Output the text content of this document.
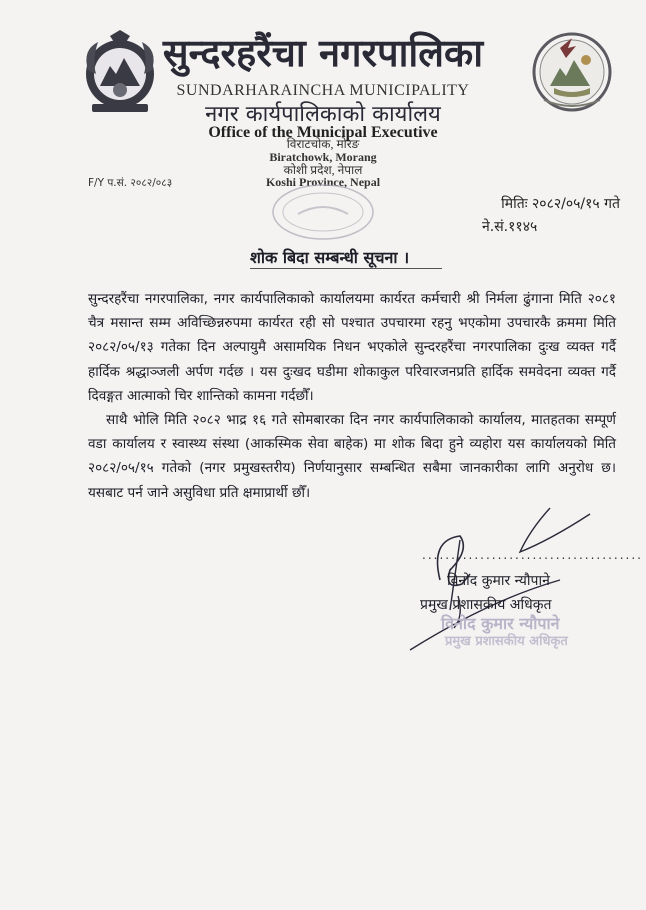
सुन्दरहरैंचा नगरपालिका
SUNDARHARAINCHA MUNICIPALITY
नगर कार्यपालिकाको कार्यालय
Office of the Municipal Executive
विराटचोक, मोरङ
Biratchowk, Morang
कोशी प्रदेश, नेपाल
Koshi Province, Nepal
F/Y प.सं. २०८२/०८३
मितिः २०८२/०५/१५ गते
ने.सं.११४५
शोक बिदा सम्बन्धी सूचना ।
सुन्दरहरैंचा नगरपालिका, नगर कार्यपालिकाको कार्यालयमा कार्यरत कर्मचारी श्री निर्मला ढुंगाना मिति २०८१ चैत्र मसान्त सम्म अविच्छिन्नरुपमा कार्यरत रही सो पश्चात उपचारमा रहनु भएकोमा उपचारकै क्रममा मिति २०८२/०५/१३ गतेका दिन अल्पायुमै असामयिक निधन भएकोले सुन्दरहरैंचा नगरपालिका दुःख व्यक्त गर्दै हार्दिक श्रद्धाञ्जली अर्पण गर्दछ । यस दुःखद घडीमा शोकाकुल परिवारजनप्रति हार्दिक समवेदना व्यक्त गर्दै दिवङ्गत आत्माको चिर शान्तिको कामना गर्दछौँ।
साथै भोलि मिति २०८२ भाद्र १६ गते सोमबारका दिन नगर कार्यपालिकाको कार्यालय, मातहतका सम्पूर्ण वडा कार्यालय र स्वास्थ्य संस्था (आकस्मिक सेवा बाहेक) मा शोक बिदा हुने व्यहोरा यस कार्यालयको मिति २०८२/०५/१५ गतेको (नगर प्रमुखस्तरीय) निर्णयानुसार सम्बन्धित सबैमा जानकारीका लागि अनुरोध छ। यसबाट पर्न जाने असुविधा प्रति क्षमाप्रार्थी छौँ।
......................................
विनोद कुमार न्यौपाने
प्रमुख प्रशासकीय अधिकृत
विनोद कुमार न्यौपाने
प्रमुख प्रशासकीय अधिकृत
